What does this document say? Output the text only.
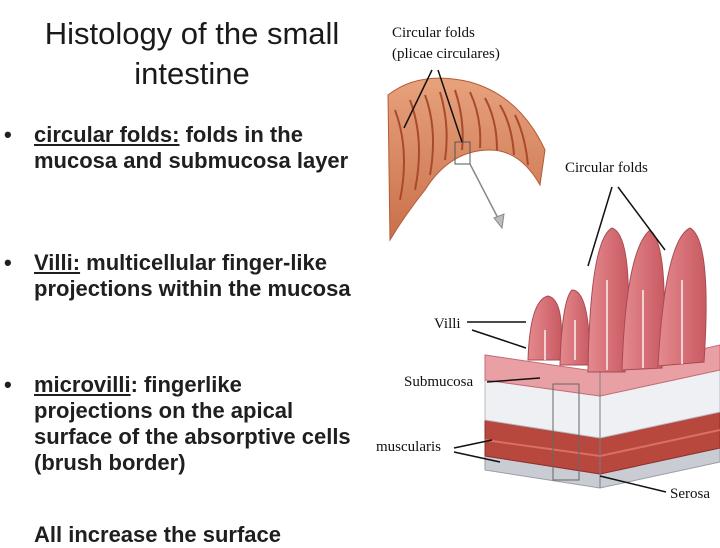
Histology of the small intestine
•	circular folds: folds in the mucosa and submucosa layer
•	Villi: multicellular finger-like projections within the mucosa
•	microvilli: fingerlike projections on the apical surface of the absorptive cells (brush border)
All increase the surface
Circular folds
(plicae circulares)
Circular folds
Villi
Submucosa
muscularis
Serosa
